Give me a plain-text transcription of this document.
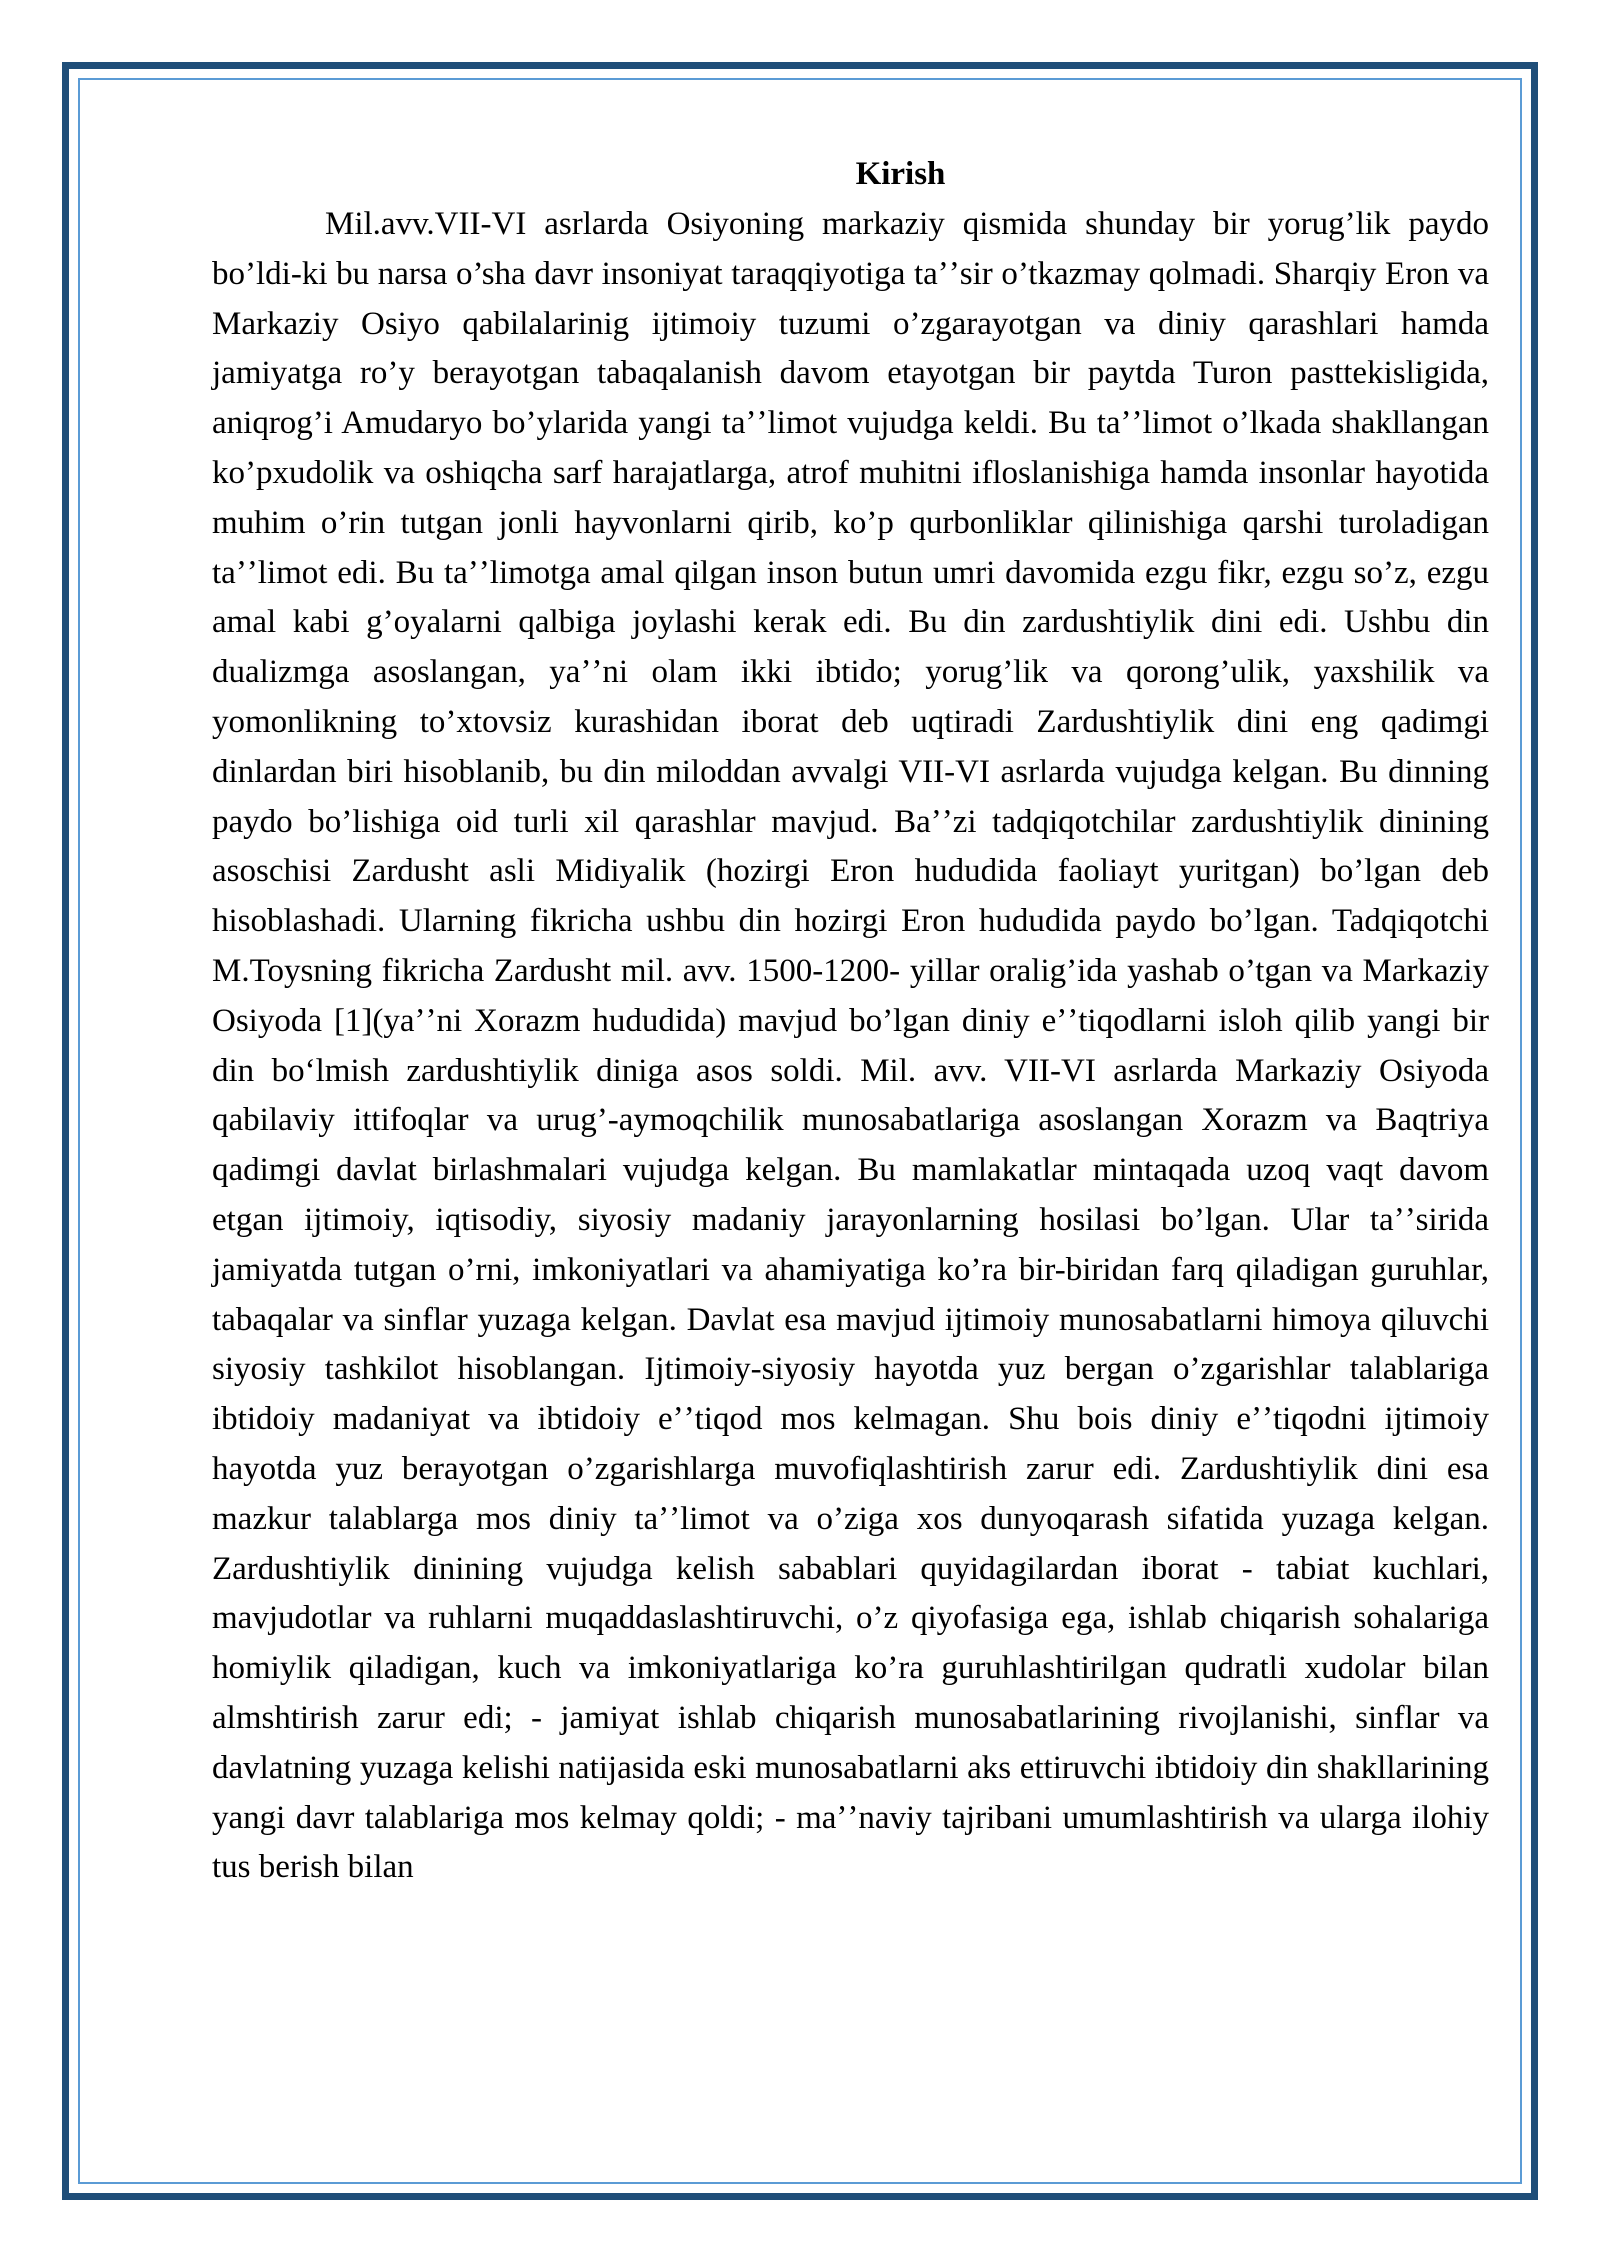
Kirish

Mil.avv.VII-VI asrlarda Osiyoning markaziy qismida shunday bir yorug’lik paydo bo’ldi-ki bu narsa o’sha davr insoniyat taraqqiyotiga taʼʼsir o’tkazmay qolmadi. Sharqiy Eron va Markaziy Osiyo qabilalarinig ijtimoiy tuzumi o’zgarayotgan va diniy qarashlari hamda jamiyatga ro’y berayotgan tabaqalanish davom etayotgan bir paytda Turon pasttekisligida, aniqrog’i Amudaryo bo’ylarida yangi taʼʼlimot vujudga keldi. Bu taʼʼlimot o’lkada shakllangan ko’pxudolik va oshiqcha sarf harajatlarga, atrof muhitni ifloslanishiga hamda insonlar hayotida muhim o’rin tutgan jonli hayvonlarni qirib, ko’p qurbonliklar qilinishiga qarshi turoladigan taʼʼlimot edi. Bu taʼʼlimotga amal qilgan inson butun umri davomida ezgu fikr, ezgu so’z, ezgu amal kabi g’oyalarni qalbiga joylashi kerak edi. Bu din zardushtiylik dini edi. Ushbu din dualizmga asoslangan, yaʼʼni olam ikki ibtido; yorug’lik va qorong’ulik, yaxshilik va yomonlikning to’xtovsiz kurashidan iborat deb uqtiradi Zardushtiylik dini eng qadimgi dinlardan biri hisoblanib, bu din miloddan avvalgi VII-VI asrlarda vujudga kelgan. Bu dinning paydo bo’lishiga oid turli xil qarashlar mavjud. Baʼʼzi tadqiqotchilar zardushtiylik dinining asoschisi Zardusht asli Midiyalik (hozirgi Eron hududida faoliayt yuritgan) bo’lgan deb hisoblashadi. Ularning fikricha ushbu din hozirgi Eron hududida paydo bo’lgan. Tadqiqotchi M.Toysning fikricha Zardusht mil. avv. 1500-1200- yillar oralig’ida yashab o’tgan va Markaziy Osiyoda [1](yaʼʼni Xorazm hududida) mavjud bo’lgan diniy eʼʼtiqodlarni isloh qilib yangi bir din boʻlmish zardushtiylik diniga asos soldi. Mil. avv. VII-VI asrlarda Markaziy Osiyoda qabilaviy ittifoqlar va urug’-aymoqchilik munosabatlariga asoslangan Xorazm va Baqtriya qadimgi davlat birlashmalari vujudga kelgan. Bu mamlakatlar mintaqada uzoq vaqt davom etgan ijtimoiy, iqtisodiy, siyosiy madaniy jarayonlarning hosilasi bo’lgan. Ular taʼʼsirida jamiyatda tutgan o’rni, imkoniyatlari va ahamiyatiga ko’ra bir-biridan farq qiladigan guruhlar, tabaqalar va sinflar yuzaga kelgan. Davlat esa mavjud ijtimoiy munosabatlarni himoya qiluvchi siyosiy tashkilot hisoblangan. Ijtimoiy-siyosiy hayotda yuz bergan o’zgarishlar talablariga ibtidoiy madaniyat va ibtidoiy eʼʼtiqod mos kelmagan. Shu bois diniy eʼʼtiqodni ijtimoiy hayotda yuz berayotgan o’zgarishlarga muvofiqlashtirish zarur edi. Zardushtiylik dini esa mazkur talablarga mos diniy taʼʼlimot va o’ziga xos dunyoqarash sifatida yuzaga kelgan. Zardushtiylik dinining vujudga kelish sabablari quyidagilardan iborat - tabiat kuchlari, mavjudotlar va ruhlarni muqaddaslashtiruvchi, o’z qiyofasiga ega, ishlab chiqarish sohalariga homiylik qiladigan, kuch va imkoniyatlariga ko’ra guruhlashtirilgan qudratli xudolar bilan almshtirish zarur edi; - jamiyat ishlab chiqarish munosabatlarining rivojlanishi, sinflar va davlatning yuzaga kelishi natijasida eski munosabatlarni aks ettiruvchi ibtidoiy din shakllarining yangi davr talablariga mos kelmay qoldi; - maʼʼnaviy tajribani umumlashtirish va ularga ilohiy tus berish bilan
